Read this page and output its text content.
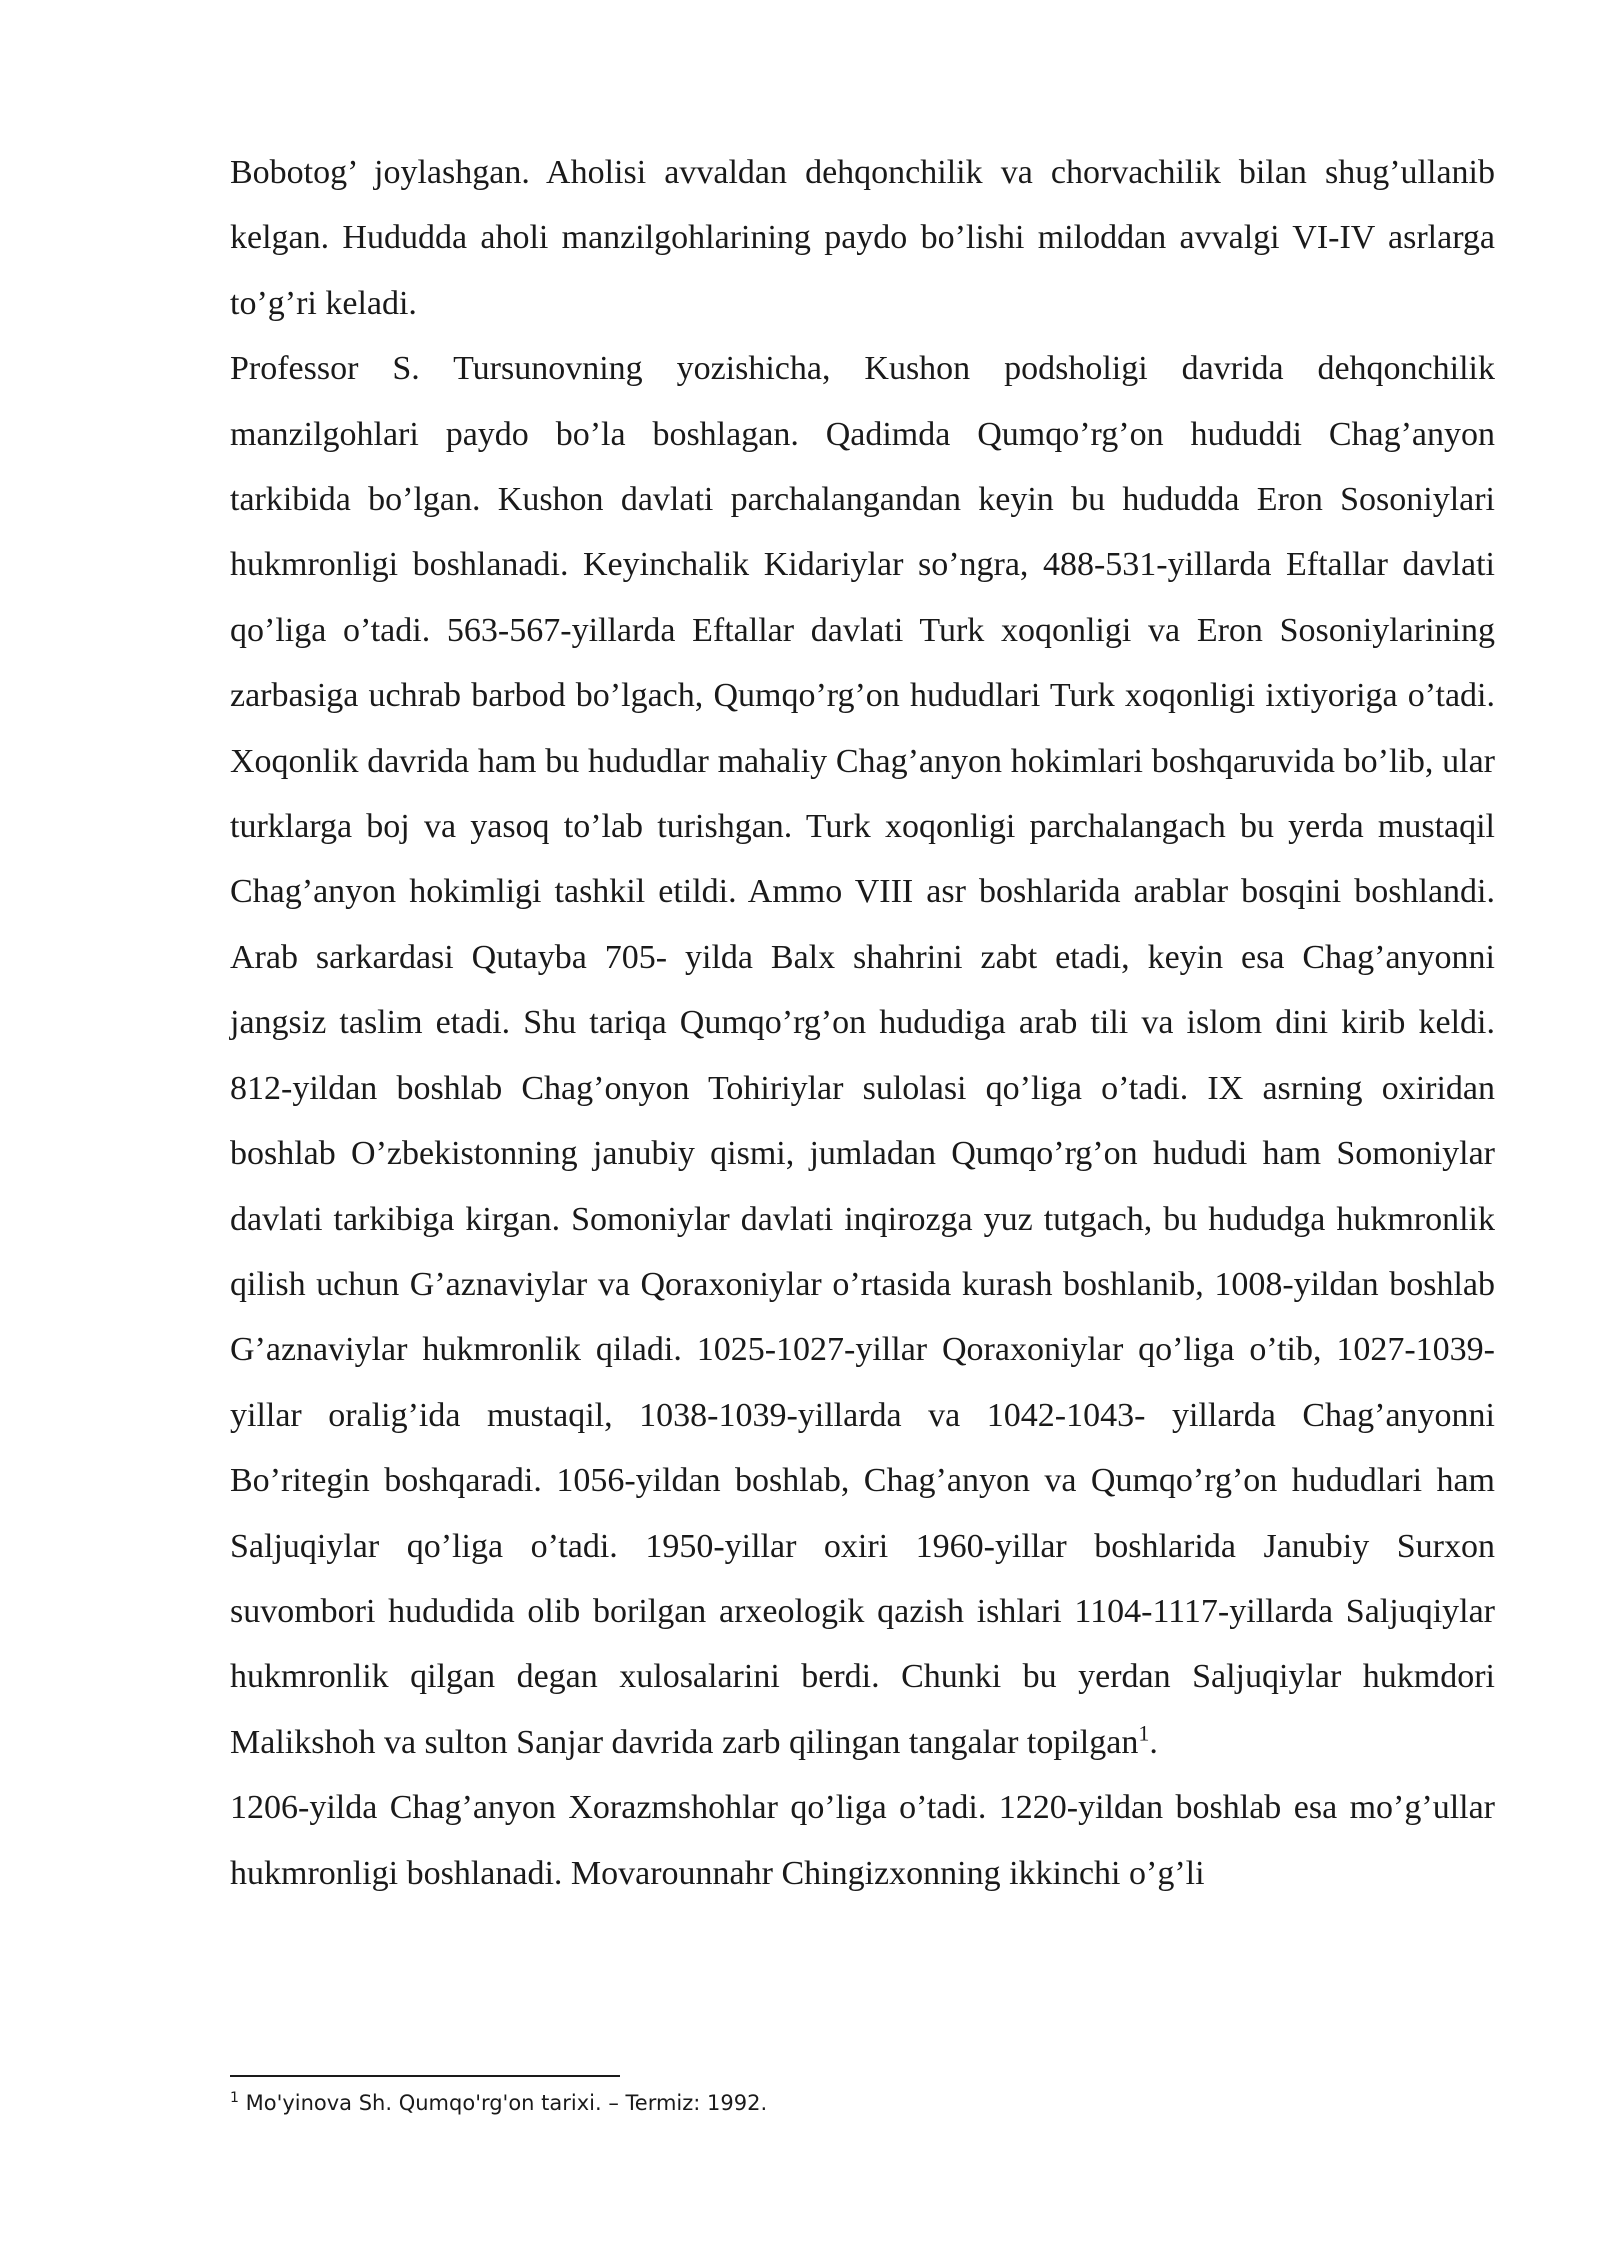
Bobotog’ joylashgan. Aholisi avvaldan dehqonchilik va chorvachilik bilan shug’ullanib kelgan. Hududda aholi manzilgohlarining paydo bo’lishi miloddan avvalgi VI-IV asrlarga to’g’ri keladi.

Professor S. Tursunovning yozishicha, Kushon podsholigi davrida dehqonchilik manzilgohlari paydo bo’la boshlagan. Qadimda Qumqo’rg’on hududdi Chag’anyon tarkibida bo’lgan. Kushon davlati parchalangandan keyin bu hududda Eron Sosoniylari hukmronligi boshlanadi. Keyinchalik Kidariylar so’ngra, 488-531-yillarda Eftallar davlati qo’liga o’tadi. 563-567-yillarda Eftallar davlati Turk xoqonligi va Eron Sosoniylarining zarbasiga uchrab barbod bo’lgach, Qumqo’rg’on hududlari Turk xoqonligi ixtiyoriga o’tadi. Xoqonlik davrida ham bu hududlar mahaliy Chag’anyon hokimlari boshqaruvida bo’lib, ular turklarga boj va yasoq to’lab turishgan. Turk xoqonligi parchalangach bu yerda mustaqil Chag’anyon hokimligi tashkil etildi. Ammo VIII asr boshlarida arablar bosqini boshlandi. Arab sarkardasi Qutayba 705- yilda Balx shahrini zabt etadi, keyin esa Chag’anyonni jangsiz taslim etadi. Shu tariqa Qumqo’rg’on hududiga arab tili va islom dini kirib keldi. 812-yildan boshlab Chag’onyon Tohiriylar sulolasi qo’liga o’tadi. IX asrning oxiridan boshlab O’zbekistonning janubiy qismi, jumladan Qumqo’rg’on hududi ham Somoniylar davlati tarkibiga kirgan. Somoniylar davlati inqirozga yuz tutgach, bu hududga hukmronlik qilish uchun G’aznaviylar va Qoraxoniylar o’rtasida kurash boshlanib, 1008-yildan boshlab G’aznaviylar hukmronlik qiladi. 1025-1027-yillar Qoraxoniylar qo’liga o’tib, 1027-1039-yillar oralig’ida mustaqil, 1038-1039-yillarda va 1042-1043- yillarda Chag’anyonni Bo’ritegin boshqaradi. 1056-yildan boshlab, Chag’anyon va Qumqo’rg’on hududlari ham Saljuqiylar qo’liga o’tadi. 1950-yillar oxiri 1960-yillar boshlarida Janubiy Surxon suvombori hududida olib borilgan arxeologik qazish ishlari 1104-1117-yillarda Saljuqiylar hukmronlik qilgan degan xulosalarini berdi. Chunki bu yerdan Saljuqiylar hukmdori Malikshoh va sulton Sanjar davrida zarb qilingan tangalar topilgan$^1$.

1206-yilda Chag’anyon Xorazmshohlar qo’liga o’tadi. 1220-yildan boshlab esa mo’g’ullar hukmronligi boshlanadi. Movarounnahr Chingizxonning ikkinchi o’g’li

$^1$ Mo'yinova Sh. Qumqo'rg'on tarixi. – Termiz: 1992.
